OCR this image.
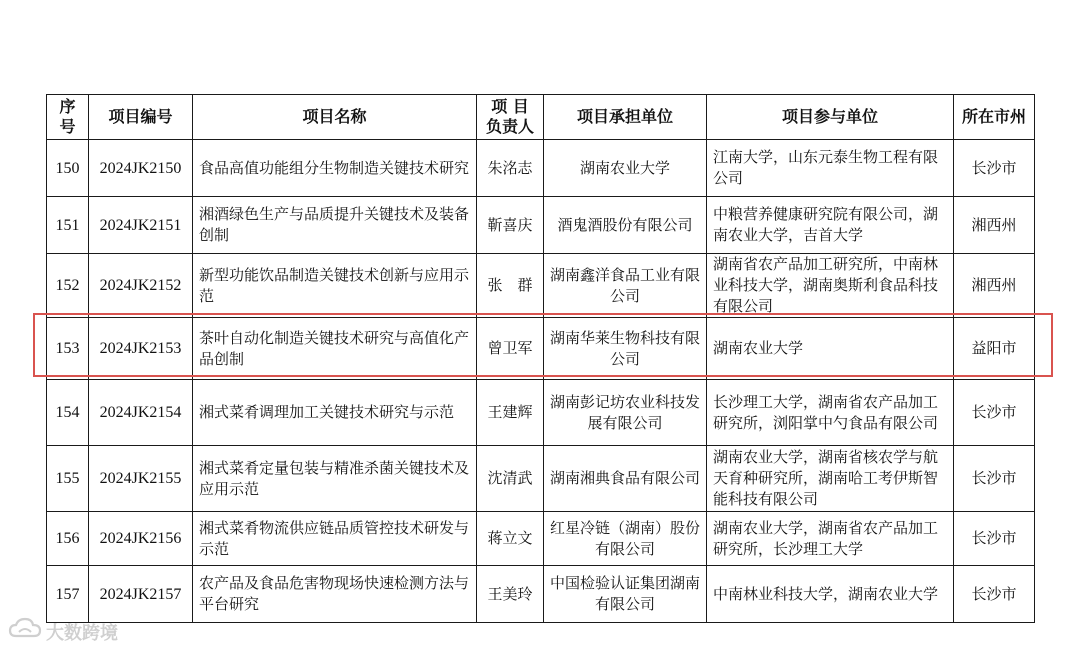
序号	项目编号	项目名称	项 目 负责人	项目承担单位	项目参与单位	所在市州
150	2024JK2150	食品高值功能组分生物制造关键技术研究	朱洺志	湖南农业大学	江南大学，山东元泰生物工程有限公司	长沙市
151	2024JK2151	湘酒绿色生产与品质提升关键技术及装备创制	靳喜庆	酒鬼酒股份有限公司	中粮营养健康研究院有限公司，湖南农业大学，吉首大学	湘西州
152	2024JK2152	新型功能饮品制造关键技术创新与应用示范	张　群	湖南鑫洋食品工业有限公司	湖南省农产品加工研究所，中南林业科技大学，湖南奥斯利食品科技有限公司	湘西州
153	2024JK2153	茶叶自动化制造关键技术研究与高值化产品创制	曾卫军	湖南华莱生物科技有限公司	湖南农业大学	益阳市
154	2024JK2154	湘式菜肴调理加工关键技术研究与示范	王建辉	湖南彭记坊农业科技发展有限公司	长沙理工大学，湖南省农产品加工研究所，浏阳掌中勺食品有限公司	长沙市
155	2024JK2155	湘式菜肴定量包装与精准杀菌关键技术及应用示范	沈清武	湖南湘典食品有限公司	湖南农业大学，湖南省核农学与航天育种研究所，湖南哈工考伊斯智能科技有限公司	长沙市
156	2024JK2156	湘式菜肴物流供应链品质管控技术研发与示范	蒋立文	红星冷链（湖南）股份有限公司	湖南农业大学，湖南省农产品加工研究所，长沙理工大学	长沙市
157	2024JK2157	农产品及食品危害物现场快速检测方法与平台研究	王美玲	中国检验认证集团湖南有限公司	中南林业科技大学，湖南农业大学	长沙市
大数跨境
